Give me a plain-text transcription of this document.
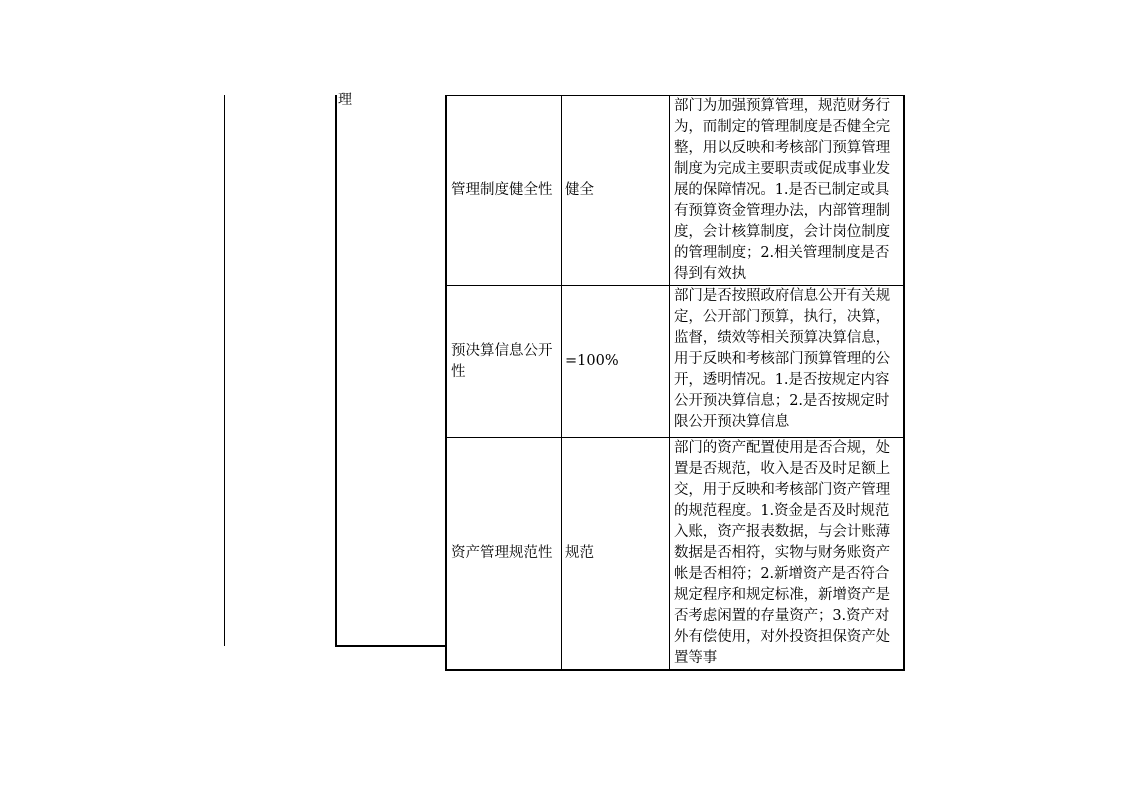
理
管理制度健全性	健全	部门为加强预算管理，规范财务行为，而制定的管理制度是否健全完整，用以反映和考核部门预算管理制度为完成主要职责或促成事业发展的保障情况。1.是否已制定或具有预算资金管理办法，内部管理制度，会计核算制度，会计岗位制度的管理制度；2.相关管理制度是否得到有效执
预决算信息公开性	=100%	部门是否按照政府信息公开有关规定，公开部门预算，执行，决算，监督，绩效等相关预算决算信息，用于反映和考核部门预算管理的公开，透明情况。1.是否按规定内容公开预决算信息；2.是否按规定时限公开预决算信息
资产管理规范性	规范	部门的资产配置使用是否合规，处置是否规范，收入是否及时足额上交，用于反映和考核部门资产管理的规范程度。1.资金是否及时规范入账，资产报表数据，与会计账薄数据是否相符，实物与财务账资产帐是否相符；2.新增资产是否符合规定程序和规定标准，新增资产是否考虑闲置的存量资产；3.资产对外有偿使用，对外投资担保资产处置等事
